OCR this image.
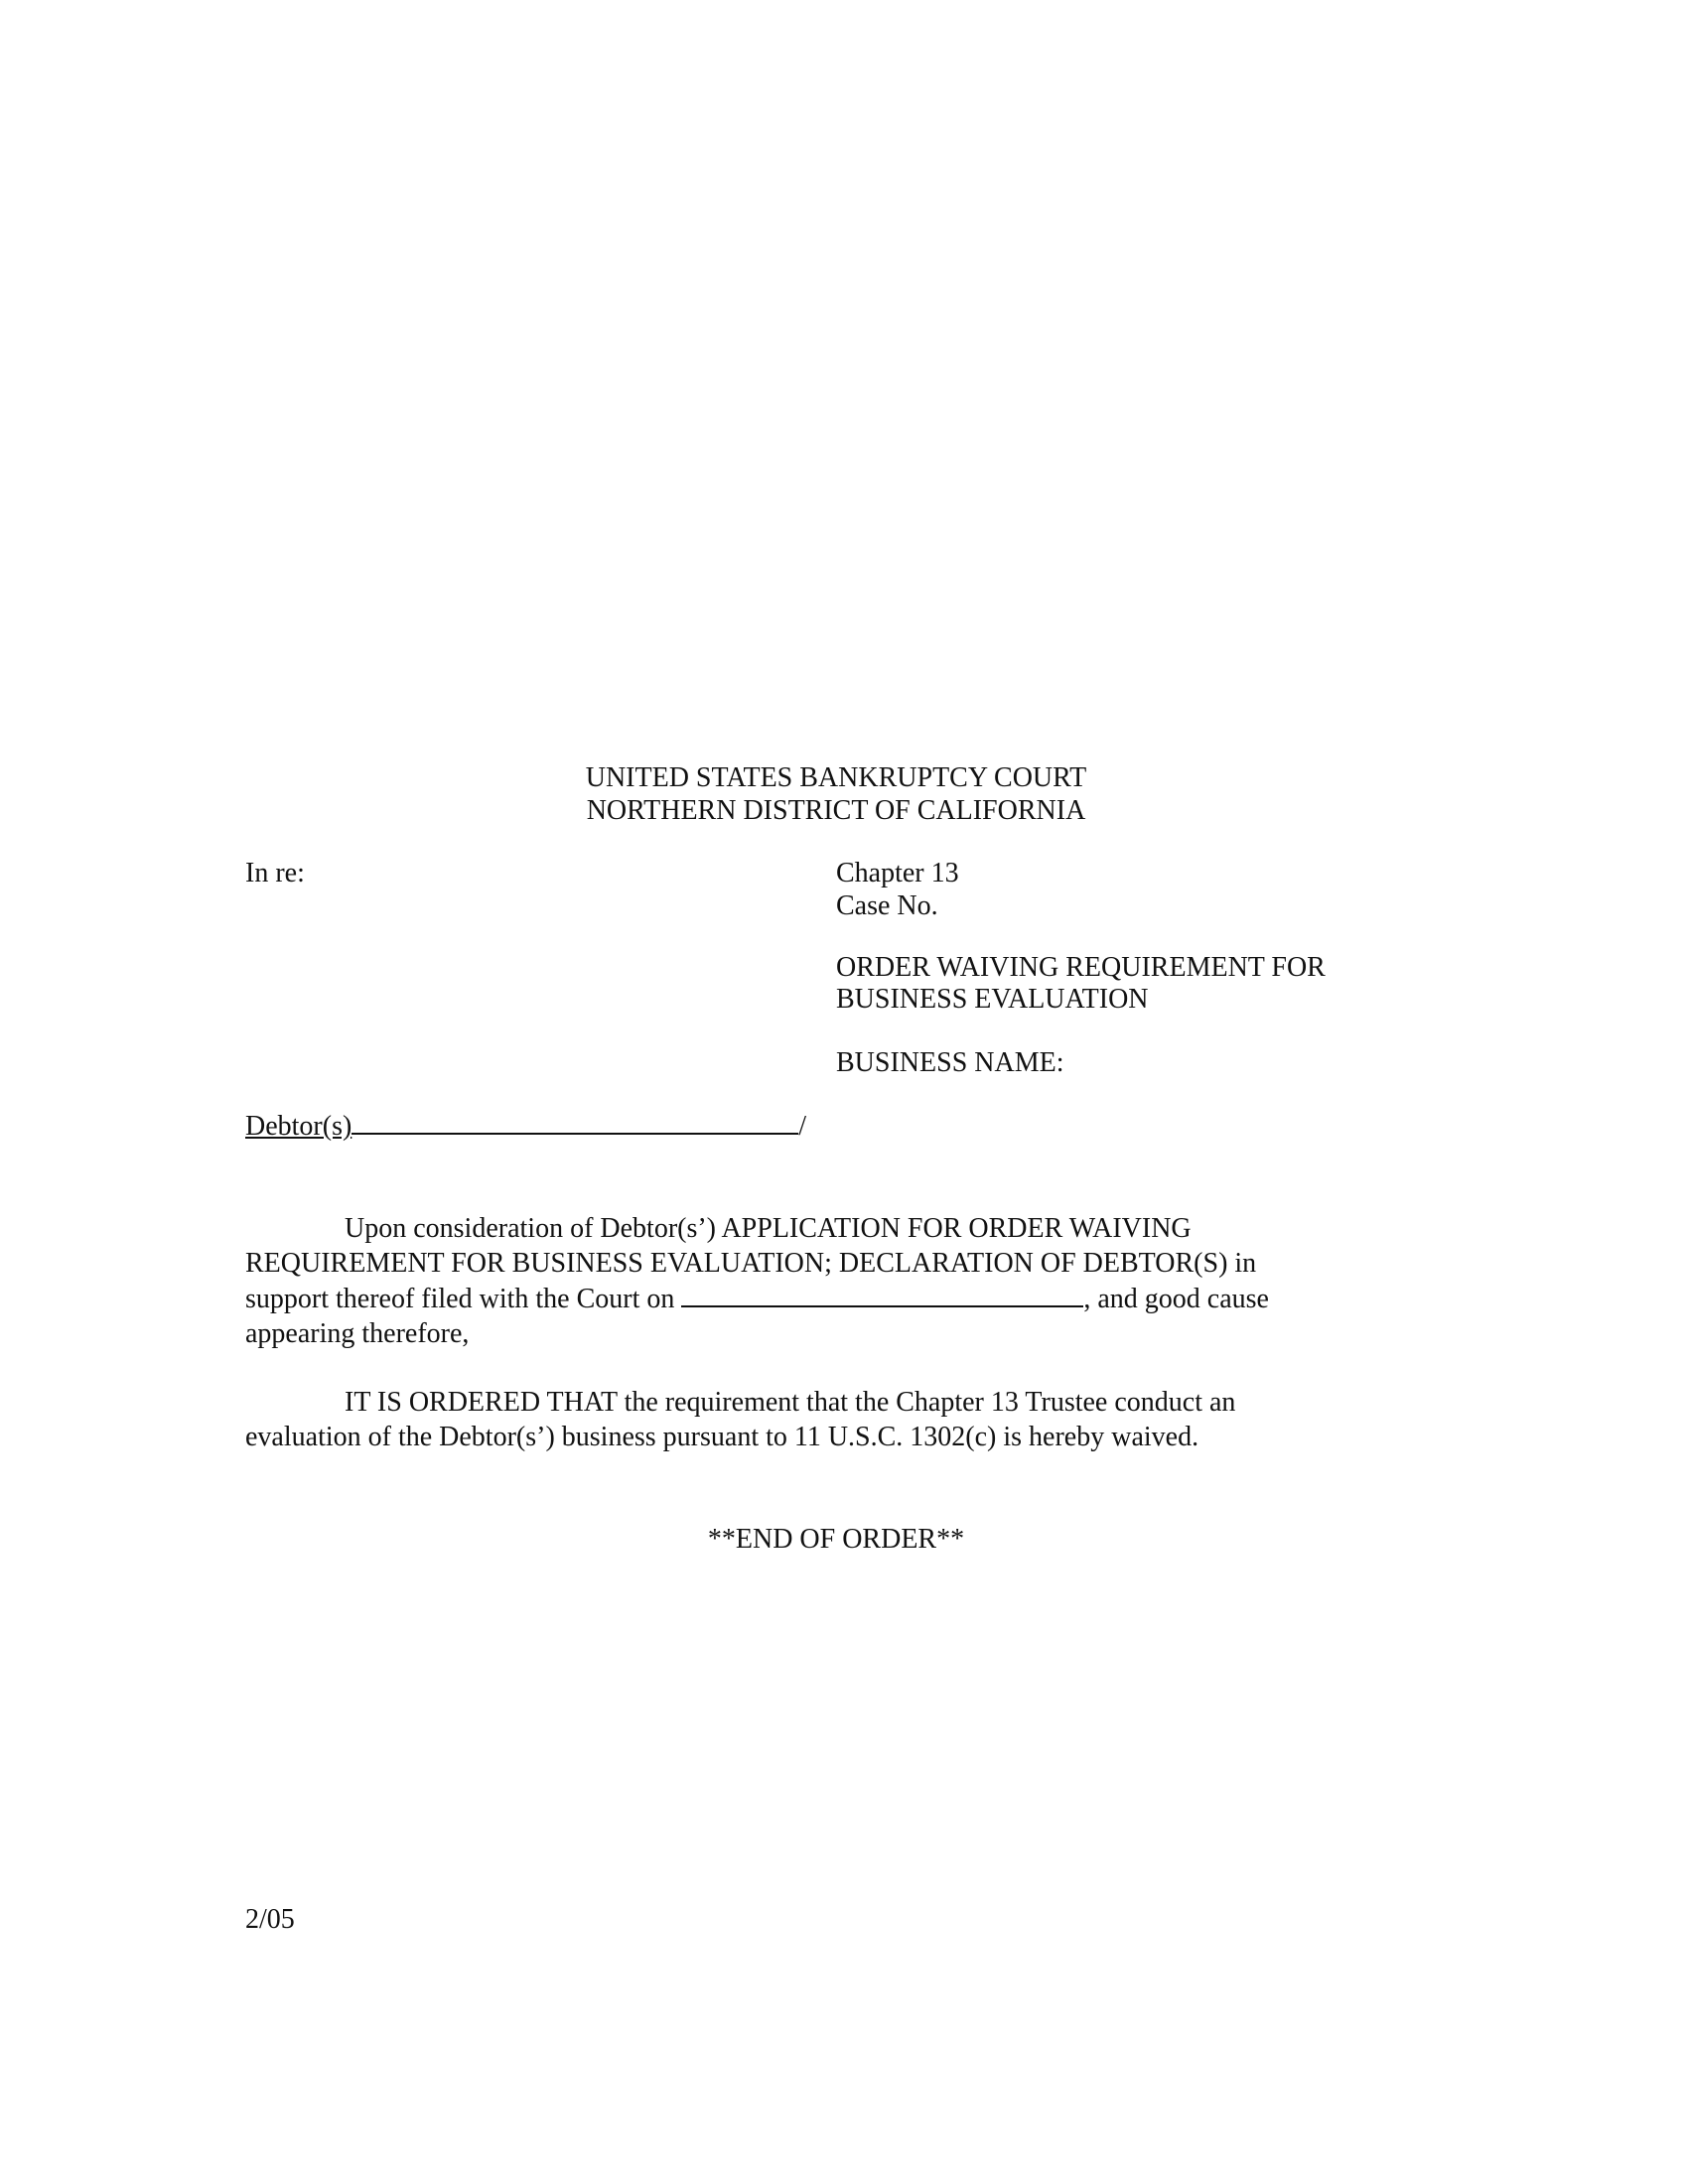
UNITED STATES BANKRUPTCY COURT
NORTHERN DISTRICT OF CALIFORNIA
In re:	Chapter 13
Case No.
ORDER WAIVING REQUIREMENT FOR
BUSINESS EVALUATION
BUSINESS NAME:
Debtor(s)	/
Upon consideration of Debtor(s’) APPLICATION FOR ORDER WAIVING
REQUIREMENT FOR BUSINESS EVALUATION; DECLARATION OF DEBTOR(S) in
support thereof filed with the Court on	, and good cause
appearing therefore,
IT IS ORDERED THAT the requirement that the Chapter 13 Trustee conduct an
evaluation of the Debtor(s’) business pursuant to 11 U.S.C. 1302(c) is hereby waived.
**END OF ORDER**
2/05
